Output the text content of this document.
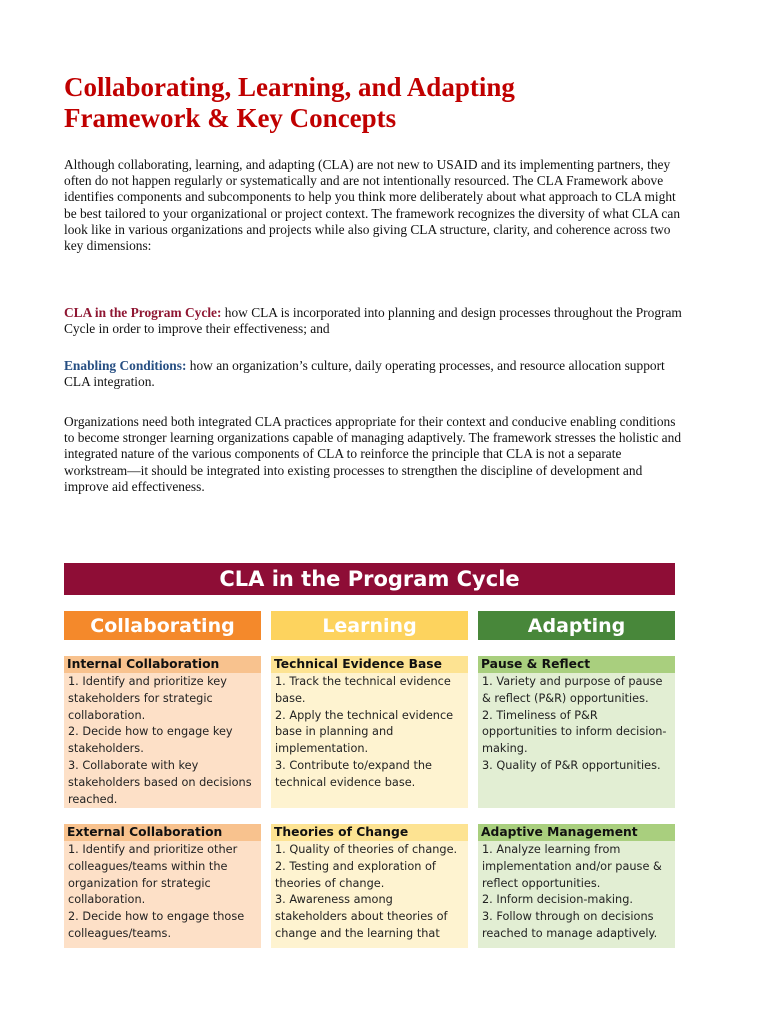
Collaborating, Learning, and Adapting
Framework & Key Concepts

Although collaborating, learning, and adapting (CLA) are not new to USAID and its implementing partners, they often do not happen regularly or systematically and are not intentionally resourced. The CLA Framework above identifies components and subcomponents to help you think more deliberately about what approach to CLA might be best tailored to your organizational or project context. The framework recognizes the diversity of what CLA can look like in various organizations and projects while also giving CLA structure, clarity, and coherence across two key dimensions:

CLA in the Program Cycle: how CLA is incorporated into planning and design processes throughout the Program Cycle in order to improve their effectiveness; and

Enabling Conditions: how an organization’s culture, daily operating processes, and resource allocation support CLA integration.

Organizations need both integrated CLA practices appropriate for their context and conducive enabling conditions to become stronger learning organizations capable of managing adaptively. The framework stresses the holistic and integrated nature of the various components of CLA to reinforce the principle that CLA is not a separate workstream—it should be integrated into existing processes to strengthen the discipline of development and improve aid effectiveness.

CLA in the Program Cycle
Collaborating	Learning	Adapting
Internal Collaboration
1. Identify and prioritize key stakeholders for strategic collaboration.
2. Decide how to engage key stakeholders.
3. Collaborate with key stakeholders based on decisions reached.
Technical Evidence Base
1. Track the technical evidence base.
2. Apply the technical evidence base in planning and implementation.
3. Contribute to/expand the technical evidence base.
Pause & Reflect
1. Variety and purpose of pause & reflect (P&R) opportunities.
2. Timeliness of P&R opportunities to inform decision-making.
3. Quality of P&R opportunities.
External Collaboration
1. Identify and prioritize other colleagues/teams within the organization for strategic collaboration.
2. Decide how to engage those colleagues/teams.
Theories of Change
1. Quality of theories of change.
2. Testing and exploration of theories of change.
3. Awareness among stakeholders about theories of change and the learning that
Adaptive Management
1. Analyze learning from implementation and/or pause & reflect opportunities.
2. Inform decision-making.
3. Follow through on decisions reached to manage adaptively.
